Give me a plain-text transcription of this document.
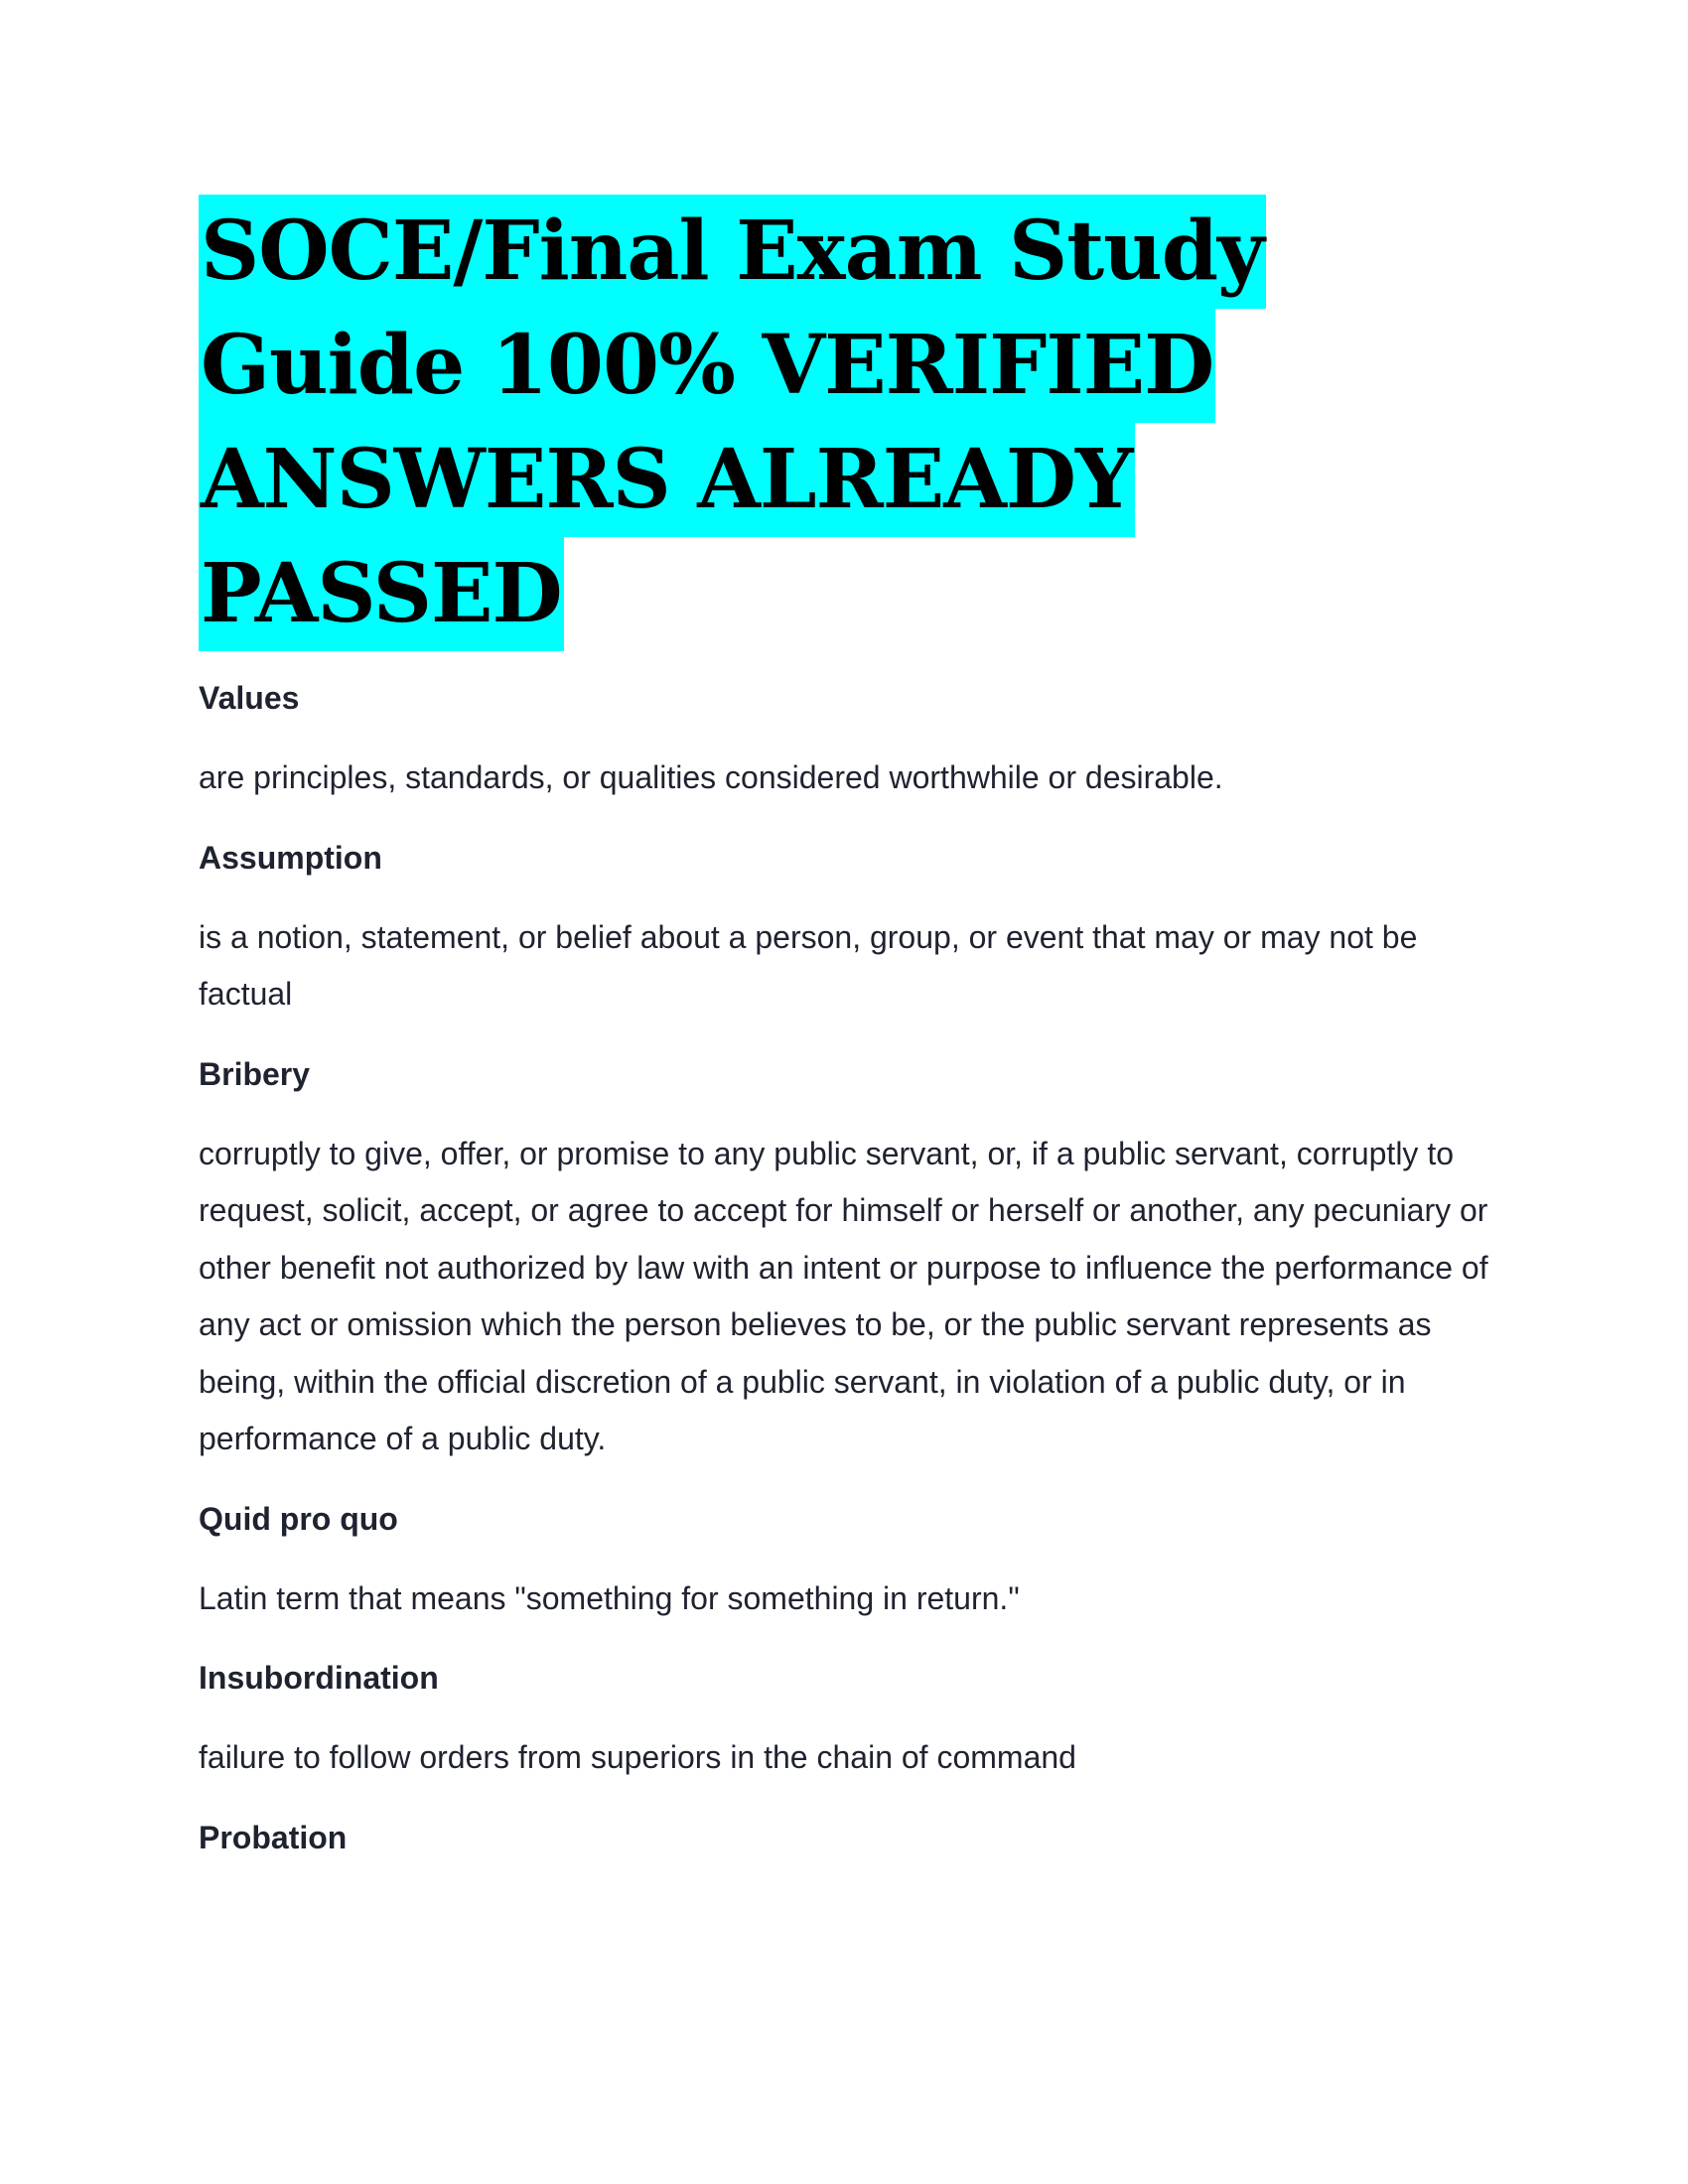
SOCE/Final Exam Study
Guide 100% VERIFIED
ANSWERS ALREADY
PASSED

Values

are principles, standards, or qualities considered worthwhile or desirable.

Assumption

is a notion, statement, or belief about a person, group, or event that may or may not be factual

Bribery

corruptly to give, offer, or promise to any public servant, or, if a public servant, corruptly to request, solicit, accept, or agree to accept for himself or herself or another, any pecuniary or other benefit not authorized by law with an intent or purpose to influence the performance of any act or omission which the person believes to be, or the public servant represents as being, within the official discretion of a public servant, in violation of a public duty, or in performance of a public duty.

Quid pro quo

Latin term that means "something for something in return."

Insubordination

failure to follow orders from superiors in the chain of command

Probation
